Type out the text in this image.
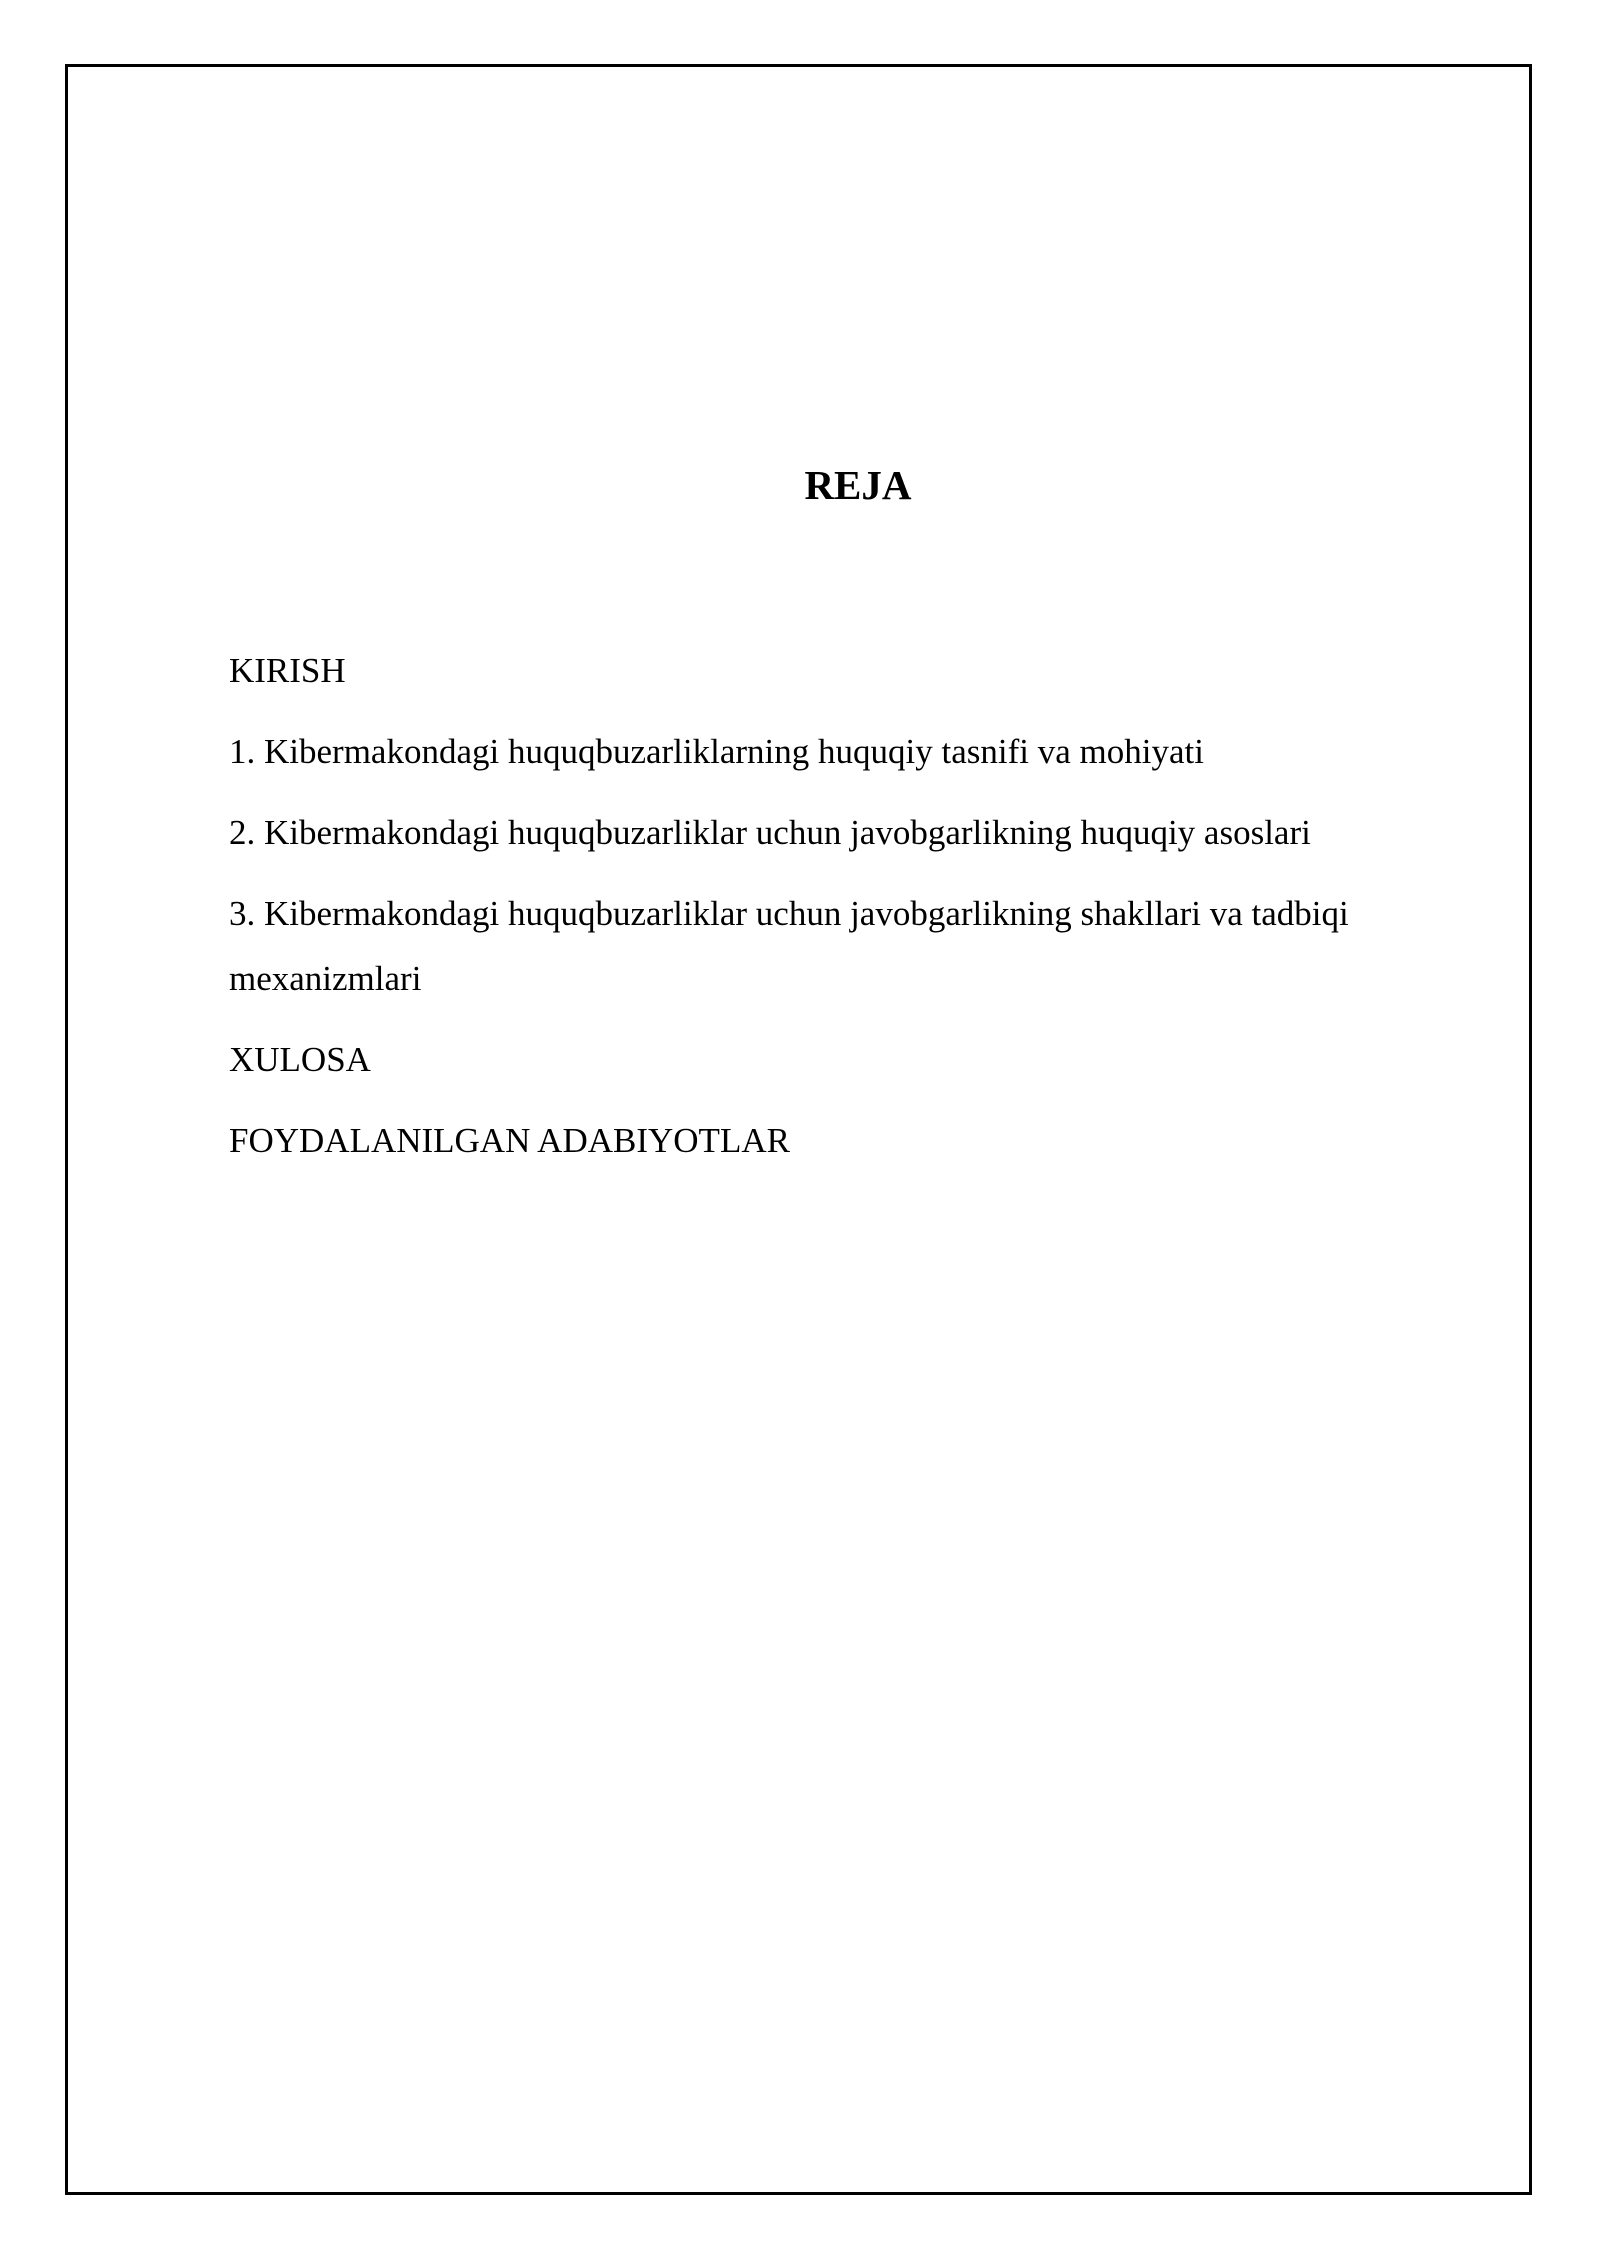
REJA
KIRISH
1. Kibermakondagi huquqbuzarliklarning huquqiy tasnifi va mohiyati
2. Kibermakondagi huquqbuzarliklar uchun javobgarlikning huquqiy asoslari
3. Kibermakondagi huquqbuzarliklar uchun javobgarlikning shakllari va tadbiqi mexanizmlari
XULOSA
FOYDALANILGAN ADABIYOTLAR
